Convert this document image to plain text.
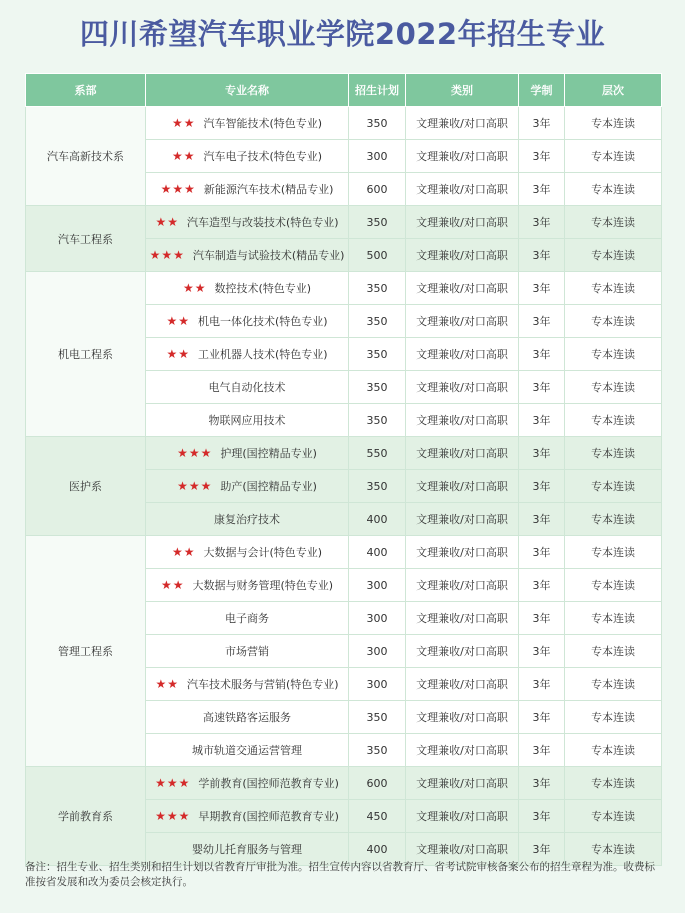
四川希望汽车职业学院2022年招生专业
系部	专业名称	招生计划	类别	学制	层次
汽车高新技术系	★★ 汽车智能技术(特色专业)	350	文理兼收/对口高职	3年	专本连读
	★★ 汽车电子技术(特色专业)	300	文理兼收/对口高职	3年	专本连读
	★★★ 新能源汽车技术(精品专业)	600	文理兼收/对口高职	3年	专本连读
汽车工程系	★★ 汽车造型与改装技术(特色专业)	350	文理兼收/对口高职	3年	专本连读
	★★★ 汽车制造与试验技术(精品专业)	500	文理兼收/对口高职	3年	专本连读
机电工程系	★★ 数控技术(特色专业)	350	文理兼收/对口高职	3年	专本连读
	★★ 机电一体化技术(特色专业)	350	文理兼收/对口高职	3年	专本连读
	★★ 工业机器人技术(特色专业)	350	文理兼收/对口高职	3年	专本连读
	电气自动化技术	350	文理兼收/对口高职	3年	专本连读
	物联网应用技术	350	文理兼收/对口高职	3年	专本连读
医护系	★★★ 护理(国控精品专业)	550	文理兼收/对口高职	3年	专本连读
	★★★ 助产(国控精品专业)	350	文理兼收/对口高职	3年	专本连读
	康复治疗技术	400	文理兼收/对口高职	3年	专本连读
管理工程系	★★ 大数据与会计(特色专业)	400	文理兼收/对口高职	3年	专本连读
	★★ 大数据与财务管理(特色专业)	300	文理兼收/对口高职	3年	专本连读
	电子商务	300	文理兼收/对口高职	3年	专本连读
	市场营销	300	文理兼收/对口高职	3年	专本连读
	★★ 汽车技术服务与营销(特色专业)	300	文理兼收/对口高职	3年	专本连读
	高速铁路客运服务	350	文理兼收/对口高职	3年	专本连读
	城市轨道交通运营管理	350	文理兼收/对口高职	3年	专本连读
学前教育系	★★★ 学前教育(国控师范教育专业)	600	文理兼收/对口高职	3年	专本连读
	★★★ 早期教育(国控师范教育专业)	450	文理兼收/对口高职	3年	专本连读
	婴幼儿托育服务与管理	400	文理兼收/对口高职	3年	专本连读
备注：招生专业、招生类别和招生计划以省教育厅审批为准。招生宣传内容以省教育厅、省考试院审核备案公布的招生章程为准。收费标准按省发展和改为委员会核定执行。
